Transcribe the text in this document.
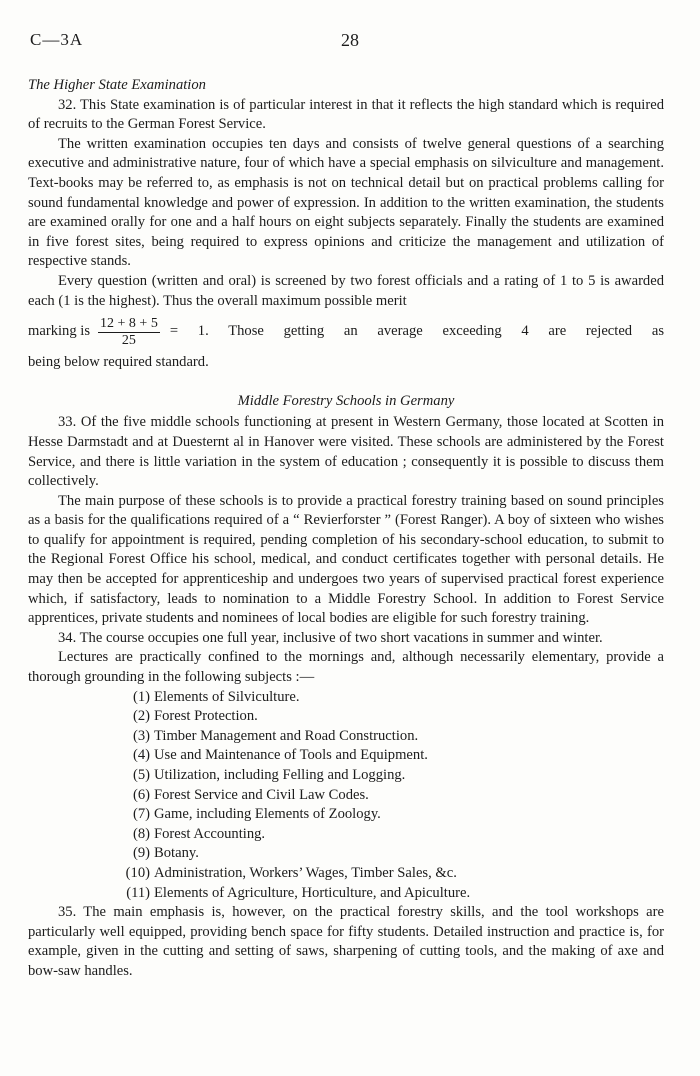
C—3A	28
The Higher State Examination

32. This State examination is of particular interest in that it reflects the high standard which is required of recruits to the German Forest Service.

The written examination occupies ten days and consists of twelve general questions of a searching executive and administrative nature, four of which have a special emphasis on silviculture and management. Text-books may be referred to, as emphasis is not on technical detail but on practical problems calling for sound fundamental knowledge and power of expression. In addition to the written examination, the students are examined orally for one and a half hours on eight subjects separately. Finally the students are examined in five forest sites, being required to express opinions and criticize the management and utilization of respective stands.

Every question (written and oral) is screened by two forest officials and a rating of 1 to 5 is awarded each (1 is the highest). Thus the overall maximum possible merit

marking is $\frac{12 + 8 + 5}{25} = 1$. Those getting an average exceeding 4 are rejected as

being below required standard.

Middle Forestry Schools in Germany

33. Of the five middle schools functioning at present in Western Germany, those located at Scotten in Hesse Darmstadt and at Duesternt al in Hanover were visited. These schools are administered by the Forest Service, and there is little variation in the system of education ; consequently it is possible to discuss them collectively.

The main purpose of these schools is to provide a practical forestry training based on sound principles as a basis for the qualifications required of a “ Revierforster ” (Forest Ranger). A boy of sixteen who wishes to qualify for appointment is required, pending completion of his secondary-school education, to submit to the Regional Forest Office his school, medical, and conduct certificates together with personal details. He may then be accepted for apprenticeship and undergoes two years of supervised practical forest experience which, if satisfactory, leads to nomination to a Middle Forestry School. In addition to Forest Service apprentices, private students and nominees of local bodies are eligible for such forestry training.

34. The course occupies one full year, inclusive of two short vacations in summer and winter.

Lectures are practically confined to the mornings and, although necessarily elementary, provide a thorough grounding in the following subjects :—

(1) Elements of Silviculture.
(2) Forest Protection.
(3) Timber Management and Road Construction.
(4) Use and Maintenance of Tools and Equipment.
(5) Utilization, including Felling and Logging.
(6) Forest Service and Civil Law Codes.
(7) Game, including Elements of Zoology.
(8) Forest Accounting.
(9) Botany.
(10) Administration, Workers’ Wages, Timber Sales, &c.
(11) Elements of Agriculture, Horticulture, and Apiculture.

35. The main emphasis is, however, on the practical forestry skills, and the tool workshops are particularly well equipped, providing bench space for fifty students. Detailed instruction and practice is, for example, given in the cutting and setting of saws, sharpening of cutting tools, and the making of axe and bow-saw handles.
